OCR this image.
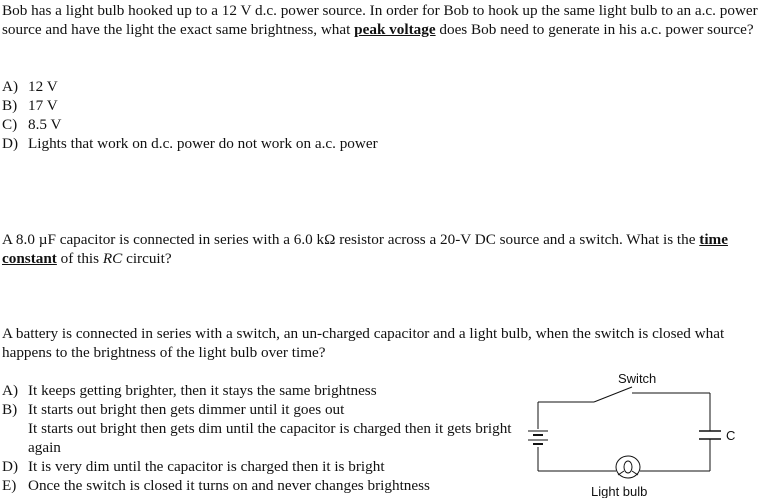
Bob has a light bulb hooked up to a 12 V d.c. power source. In order for Bob to hook up the same light bulb to an a.c. power source and have the light the exact same brightness, what peak voltage does Bob need to generate in his a.c. power source?
A) 12 V
B) 17 V
C) 8.5 V
D) Lights that work on d.c. power do not work on a.c. power
A 8.0 µF capacitor is connected in series with a 6.0 kΩ resistor across a 20-V DC source and a switch. What is the time constant of this RC circuit?
A battery is connected in series with a switch, an un-charged capacitor and a light bulb, when the switch is closed what happens to the brightness of the light bulb over time?
A) It keeps getting brighter, then it stays the same brightness
B) It starts out bright then gets dimmer until it goes out
It starts out bright then gets dim until the capacitor is charged then it gets bright again
D) It is very dim until the capacitor is charged then it is bright
E) Once the switch is closed it turns on and never changes brightness
Switch
C
Light bulb
